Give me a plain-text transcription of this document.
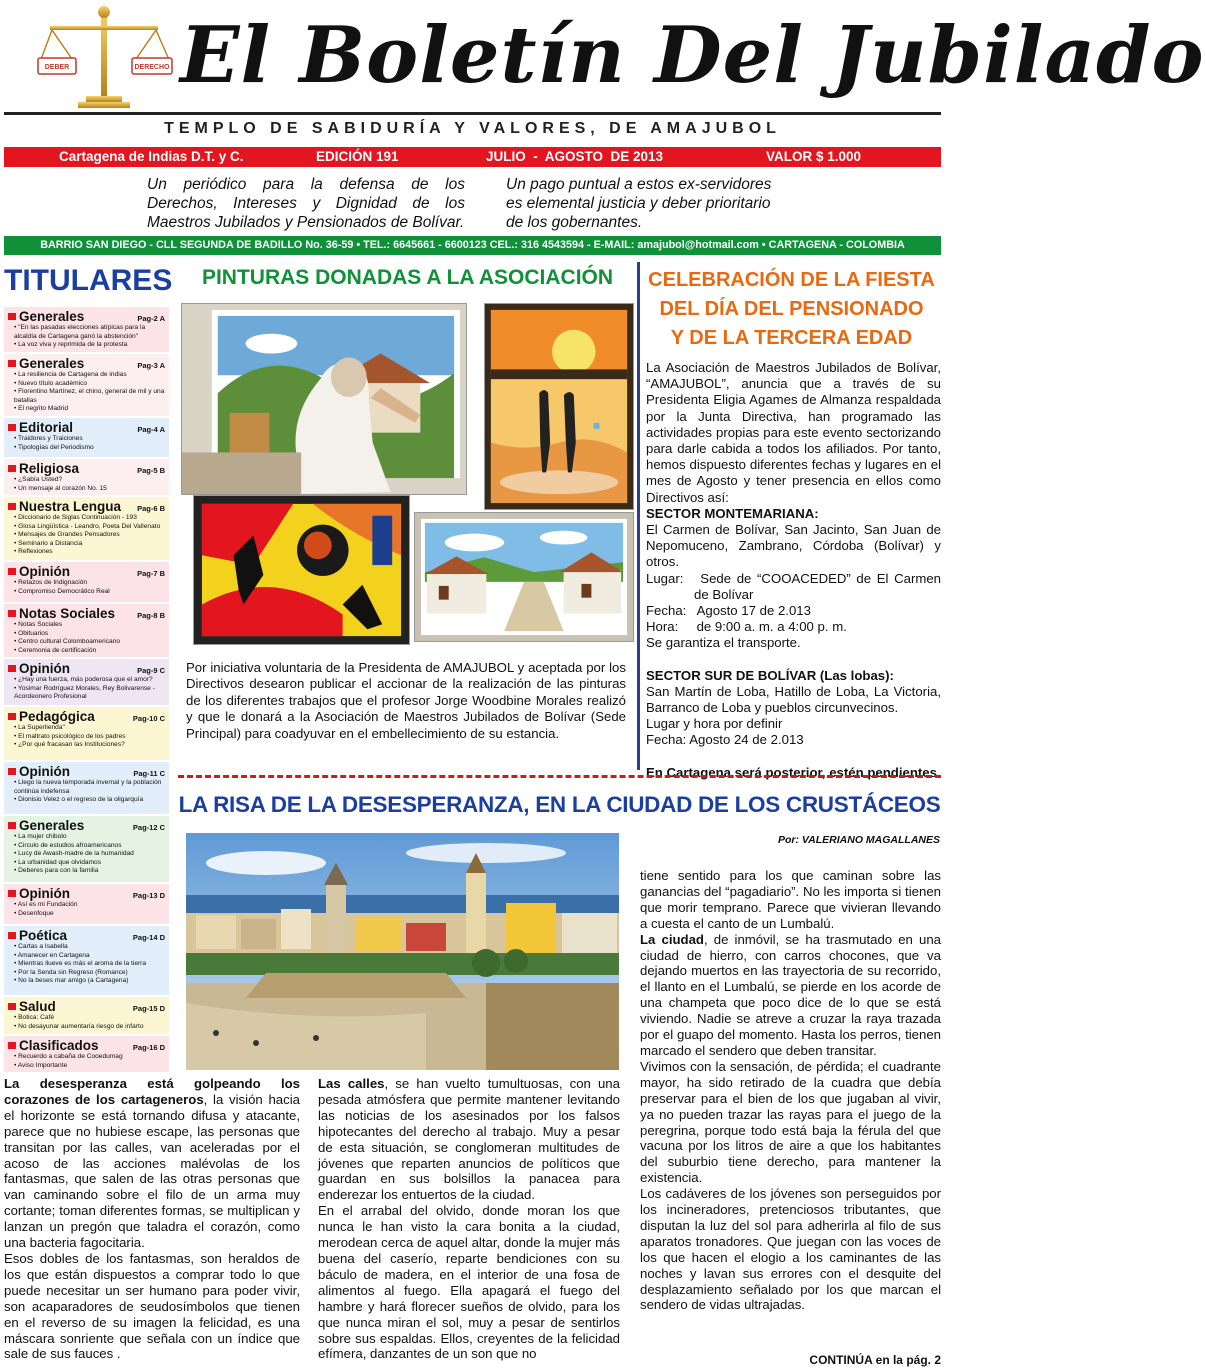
DEBER	DERECHO El Boletín Del Jubilado
TEMPLO DE SABIDURÍA Y VALORES, DE AMAJUBOL
Cartagena de Indias D.T. y C.	EDICIÓN 191	JULIO  -  AGOSTO  DE 2013	VALOR $ 1.000
Un periódico para la defensa de los Derechos, Intereses y Dignidad de los Maestros Jubilados y Pensionados de Bolívar.
Un pago puntual a estos ex-servidores es elemental justicia y deber prioritario de los gobernantes.
BARRIO SAN DIEGO - CLL SEGUNDA DE BADILLO No. 36-59 • TEL.: 6645661 - 6600123 CEL.: 316 4543594 - E-MAIL: amajubol@hotmail.com • CARTAGENA - COLOMBIA
TITULARES
Generales	Pag-2 A
• "En las pasadas elecciones atípicas para la alcaldía de Cartagena ganó la abstención"
• La voz viva y reprimida de la protesta
Generales	Pag-3 A
• La resiliencia de Cartagena de indias
• Nuevo título académico
• Florentino Martínez, el chino, general de mil y una batallas
• El negrito Madrid
Editorial	Pag-4 A
• Traidores y Traiciones
• Tipologías del Periodismo
Religiosa	Pag-5 B
• ¿Sabía Usted?
• Un mensaje al corazón No. 15
Nuestra Lengua Pag-6 B
• Diccionario de Siglas Continuación - 193
• Glosa Lingüística - Leandro, Poeta Del Vallenato
• Mensajes de Grandes Pensadores
• Seminario a Distancia
• Reflexiones
Opinión	Pag-7 B
• Retazos de Indignación
• Compromiso Democrático Real
Notas Sociales	Pag-8 B
• Notas Sociales
• Obituarios
• Centro cultural Colomboamericano
• Ceremonia de certificación
Opinión	Pag-9 C
• ¿Hay una fuerza, más poderosa que el amor?
• Yosimar Rodríguez Morales, Rey Bolivarense - Acordeonero Profesional
Pedagógica	Pag-10 C
• La Superlienda"
• El maltrato psicológico de los padres
• ¿Por qué fracasan las Instituciones?
Opinión	Pag-11 C
• Llego la nueva temporada invernal y la población continúa indefensa
• Dionisio Velez o el regreso de la oligarquía
Generales	Pag-12 C
• La mujer chibolo
• Circulo de estudios afroamericanos
• Lucy de Awash-madre de la humanidad
• La urbanidad que olvidamos
• Deberes para con la familia
Opinión	Pag-13 D
• Así es mi Fundación
• Desenfoque
Poética	Pag-14 D
• Cartas a Isabella
• Amanecer en Cartagena
• Mientras llueve es más el aroma de la tierra
• Por la Senda sin Regreso (Romance)
• No la beses mar amigo (a Cartagena)
Salud	Pag-15 D
• Botica: Café
• No desayunar aumentaría riesgo de infarto
Clasificados	Pag-16 D
• Recuerdo a cabaña de Cooedumag
• Aviso Importante
PINTURAS DONADAS A LA ASOCIACIÓN
Por iniciativa voluntaria de la Presidenta de AMAJUBOL y aceptada por los Directivos desearon publicar el accionar de la realización de las pinturas de los diferentes trabajos que el profesor Jorge Woodbine Morales realizó y que le donará a la Asociación de Maestros Jubilados de Bolívar (Sede Principal) para coadyuvar en el embellecimiento de su estancia.
CELEBRACIÓN DE LA FIESTA
DEL DÍA DEL PENSIONADO
Y DE LA TERCERA EDAD

La Asociación de Maestros Jubilados de Bolívar, “AMAJUBOL”, anuncia que a través de su Presidenta Eligia Agames de Almanza respaldada por la Junta Directiva, han programado las actividades propias para este evento sectorizando para darle cabida a todos los afiliados. Por tanto, hemos dispuesto diferentes fechas y lugares en el mes de Agosto y tener presencia en ellos como Directivos así:

SECTOR MONTEMARIANA:

El Carmen de Bolívar, San Jacinto, San Juan de Nepomuceno, Zambrano, Córdoba (Bolívar) y otros.

Lugar:   Sede de “COOACEDED” de El Carmen de Bolívar

Fecha:   Agosto 17 de 2.013

Hora:     de 9:00 a. m. a 4:00 p. m.

Se garantiza el transporte.

SECTOR SUR DE BOLÍVAR (Las lobas):

San Martín de Loba, Hatillo de Loba, La Victoria, Barranco de Loba y pueblos circunvecinos.

Lugar y hora por definir

Fecha: Agosto 24 de 2.013

En Cartagena será posterior, estén pendientes.

LA RISA DE LA DESESPERANZA, EN LA CIUDAD DE LOS CRUSTÁCEOS
Por: VALERIANO MAGALLANES

La desesperanza está golpeando los corazones de los cartageneros, la visión hacia el horizonte se está tornando difusa y atacante, parece que no hubiese escape, las personas que transitan por las calles, van aceleradas por el acoso de las acciones malévolas de los fantasmas, que salen de las otras personas que van caminando sobre el filo de un arma muy cortante; toman diferentes formas, se multiplican y lanzan un pregón que taladra el corazón, como una bacteria fagocitaria.

Esos dobles de los fantasmas, son heraldos de los que están dispuestos a comprar todo lo que puede necesitar un ser humano para poder vivir, son acaparadores de seudosímbolos que tienen en el reverso de su imagen la felicidad, es una máscara sonriente que señala con un índice que sale de sus fauces .

Las calles, se han vuelto tumultuosas, con una pesada atmósfera que permite mantener levitando las noticias de los asesinados por los falsos hipotecantes del derecho al trabajo. Muy a pesar de esta situación, se conglomeran multitudes de jóvenes que reparten anuncios de políticos que guardan en sus bolsillos la panacea para enderezar los entuertos de la ciudad.

En el arrabal del olvido, donde moran los que nunca le han visto la cara bonita a la ciudad, merodean cerca de aquel altar, donde la mujer más buena del caserío, reparte bendiciones con su báculo de madera, en el interior de una fosa de alimentos al fuego. Ella apagará el fuego del hambre y hará florecer sueños de olvido, para los que nunca miran el sol, muy a pesar de sentirlos sobre sus espaldas. Ellos, creyentes de la felicidad efímera, danzantes de un son que no

tiene sentido para los que caminan sobre las ganancias del “pagadiario”. No les importa si tienen que morir temprano. Parece que vivieran llevando a cuesta el canto de un Lumbalú.

La ciudad, de inmóvil, se ha trasmutado en una ciudad de hierro, con carros chocones, que va dejando muertos en las trayectoria de su recorrido, el llanto en el Lumbalú, se pierde en los acorde de una champeta que poco dice de lo que se está viviendo. Nadie se atreve a cruzar la raya trazada por el guapo del momento. Hasta los perros, tienen marcado el sendero que deben transitar.

Vivimos con la sensación, de pérdida; el cuadrante mayor, ha sido retirado de la cuadra que debía preservar para el bien de los que jugaban al vivir, ya no pueden trazar las rayas para el juego de la peregrina, porque todo está baja la férula del que vacuna por los litros de aire a que los habitantes del suburbio tiene derecho, para mantener la existencia.

Los cadáveres de los jóvenes son perseguidos por los incineradores, pretenciosos tributantes, que disputan la luz del sol para adherirla al filo de sus aparatos tronadores. Que juegan con las voces de los que hacen el elogio a los caminantes de las noches y lavan sus errores con el desquite del desplazamiento señalado por los que marcan el sendero de vidas ultrajadas.

CONTINÚA en la pág. 2
